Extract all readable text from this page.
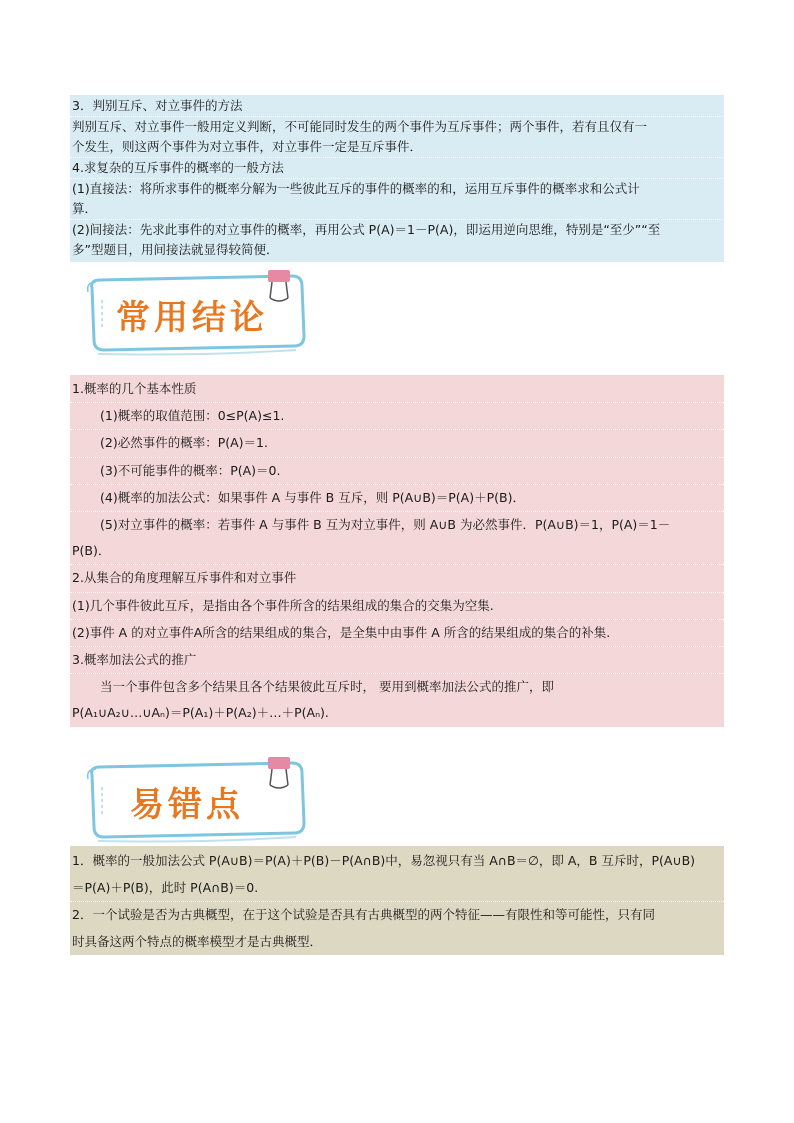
3．判别互斥、对立事件的方法
判别互斥、对立事件一般用定义判断，不可能同时发生的两个事件为互斥事件；两个事件，若有且仅有一
个发生，则这两个事件为对立事件，对立事件一定是互斥事件．
4.求复杂的互斥事件的概率的一般方法
(1)直接法：将所求事件的概率分解为一些彼此互斥的事件的概率的和，运用互斥事件的概率求和公式计
算．
(2)间接法：先求此事件的对立事件的概率，再用公式 P(A)＝1－P(A)，即运用逆向思维，特别是“至少”“至
多”型题目，用间接法就显得较简便．
常用结论
1.概率的几个基本性质
(1)概率的取值范围：0≤P(A)≤1.
(2)必然事件的概率：P(A)＝1.
(3)不可能事件的概率：P(A)＝0.
(4)概率的加法公式：如果事件 A 与事件 B 互斥，则 P(A∪B)＝P(A)＋P(B)．
(5)对立事件的概率：若事件 A 与事件 B 互为对立事件，则 A∪B 为必然事件．P(A∪B)＝1，P(A)＝1－
P(B)．
2.从集合的角度理解互斥事件和对立事件
(1)几个事件彼此互斥，是指由各个事件所含的结果组成的集合的交集为空集.
(2)事件 A 的对立事件A所含的结果组成的集合，是全集中由事件 A 所含的结果组成的集合的补集.
3.概率加法公式的推广
当一个事件包含多个结果且各个结果彼此互斥时， 要用到概率加法公式的推广，即
P(A₁∪A₂∪…∪Aₙ)＝P(A₁)＋P(A₂)＋…＋P(Aₙ).
易错点
1．概率的一般加法公式 P(A∪B)＝P(A)＋P(B)－P(A∩B)中，易忽视只有当 A∩B＝∅，即 A，B 互斥时，P(A∪B)
＝P(A)＋P(B)，此时 P(A∩B)＝0.
2．一个试验是否为古典概型，在于这个试验是否具有古典概型的两个特征——有限性和等可能性，只有同
时具备这两个特点的概率模型才是古典概型．
